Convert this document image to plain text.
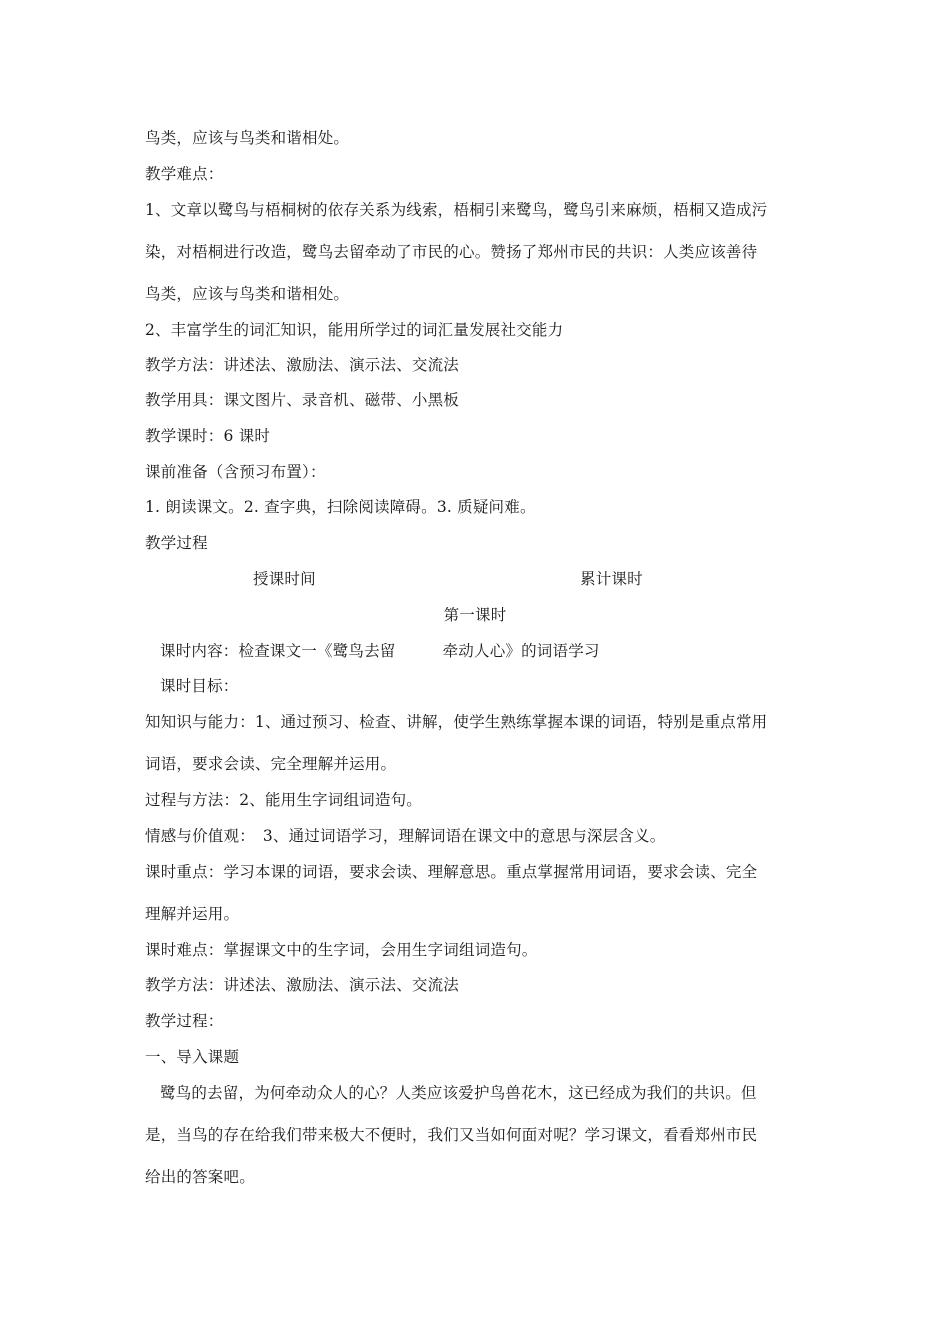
鸟类，应该与鸟类和谐相处。
教学难点：
1、文章以鹭鸟与梧桐树的依存关系为线索，梧桐引来鹭鸟，鹭鸟引来麻烦，梧桐又造成污
染，对梧桐进行改造，鹭鸟去留牵动了市民的心。赞扬了郑州市民的共识：人类应该善待
鸟类，应该与鸟类和谐相处。
2、丰富学生的词汇知识，能用所学过的词汇量发展社交能力
教学方法：讲述法、激励法、演示法、交流法
教学用具：课文图片、录音机、磁带、小黑板
教学课时：6 课时
课前准备（含预习布置）：
1. 朗读课文。2. 查字典，扫除阅读障碍。3. 质疑问难。
教学过程
授课时间	累计课时
第一课时
课时内容：检查课文一《鹭鸟去留　　　牵动人心》的词语学习
课时目标：
知知识与能力：1、通过预习、检查、讲解，使学生熟练掌握本课的词语，特别是重点常用
词语，要求会读、完全理解并运用。
过程与方法：2、能用生字词组词造句。
情感与价值观：　3、通过词语学习，理解词语在课文中的意思与深层含义。
课时重点：学习本课的词语，要求会读、理解意思。重点掌握常用词语，要求会读、完全
理解并运用。
课时难点：掌握课文中的生字词，会用生字词组词造句。
教学方法：讲述法、激励法、演示法、交流法
教学过程：
一、导入课题
鹭鸟的去留，为何牵动众人的心？人类应该爱护鸟兽花木，这已经成为我们的共识。但
是，当鸟的存在给我们带来极大不便时，我们又当如何面对呢？学习课文，看看郑州市民
给出的答案吧。
